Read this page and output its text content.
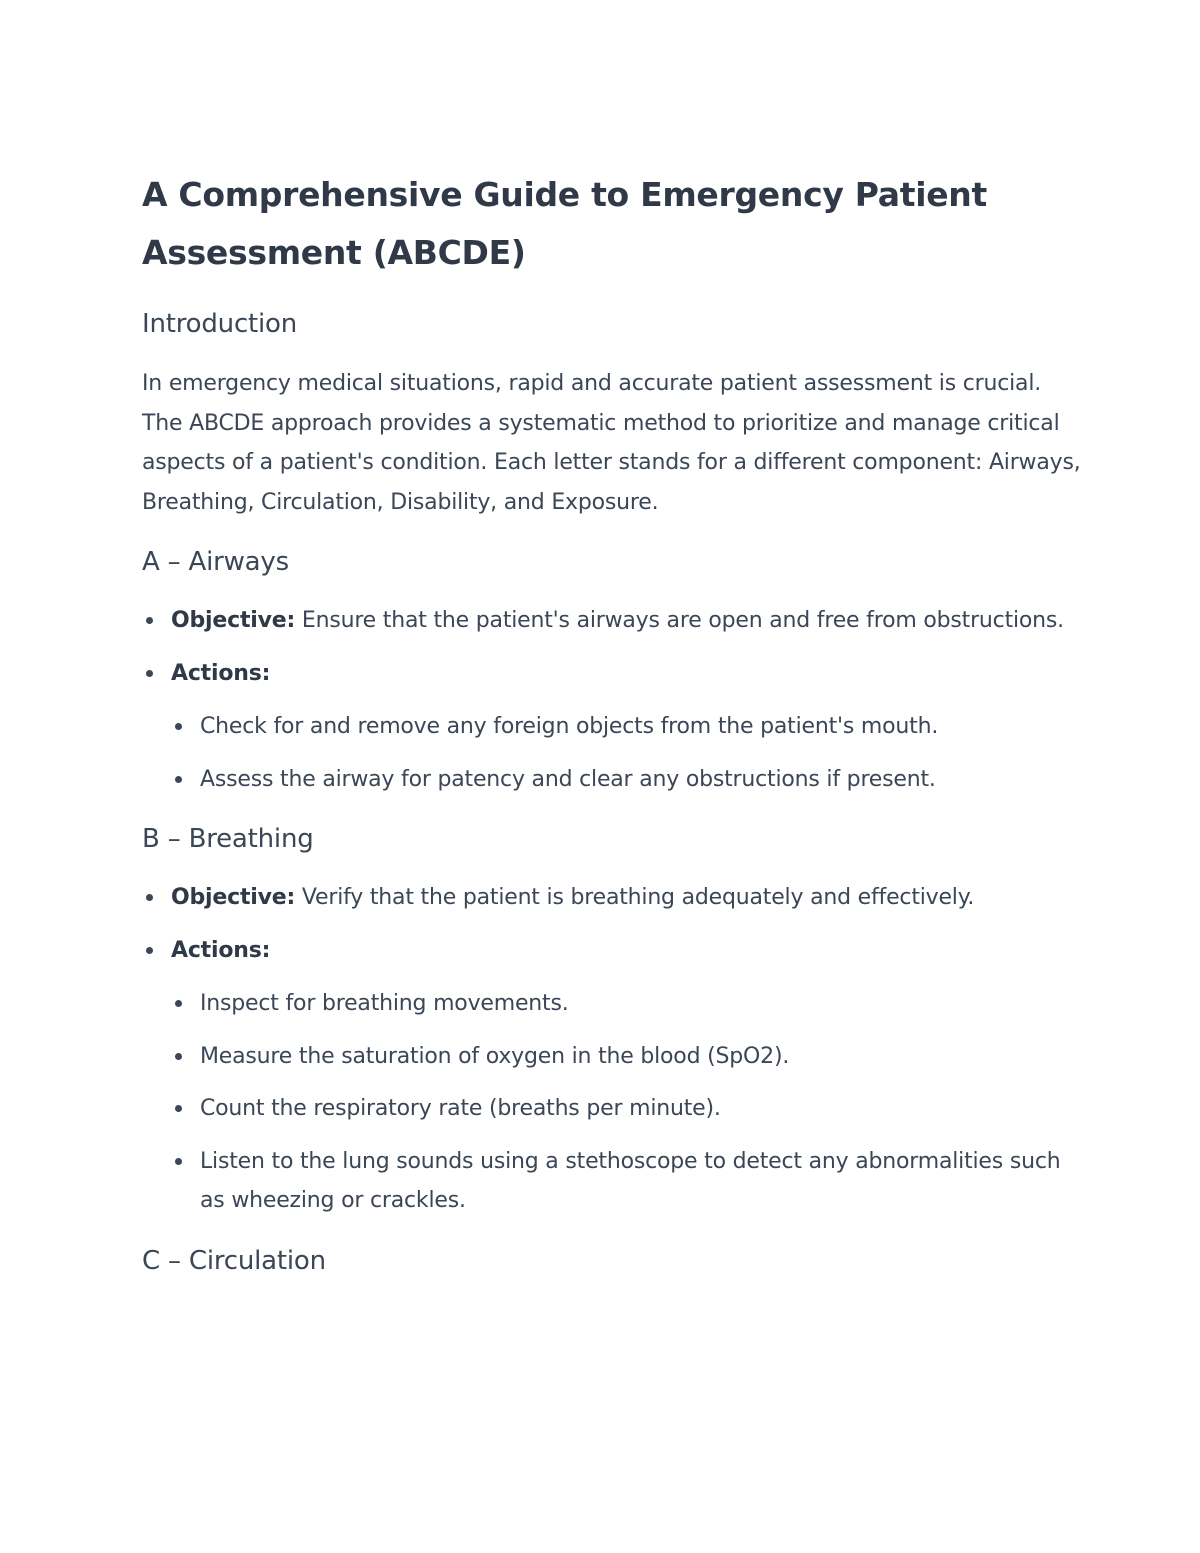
A Comprehensive Guide to Emergency Patient Assessment (ABCDE)
Introduction

In emergency medical situations, rapid and accurate patient assessment is crucial. The ABCDE approach provides a systematic method to prioritize and manage critical aspects of a patient's condition. Each letter stands for a different component: Airways, Breathing, Circulation, Disability, and Exposure.

A – Airways
Objective: Ensure that the patient's airways are open and free from obstructions.
Actions:
Check for and remove any foreign objects from the patient's mouth.
Assess the airway for patency and clear any obstructions if present.
B – Breathing
Objective: Verify that the patient is breathing adequately and effectively.
Actions:
Inspect for breathing movements.
Measure the saturation of oxygen in the blood (SpO2).
Count the respiratory rate (breaths per minute).
Listen to the lung sounds using a stethoscope to detect any abnormalities such as wheezing or crackles.
C – Circulation
